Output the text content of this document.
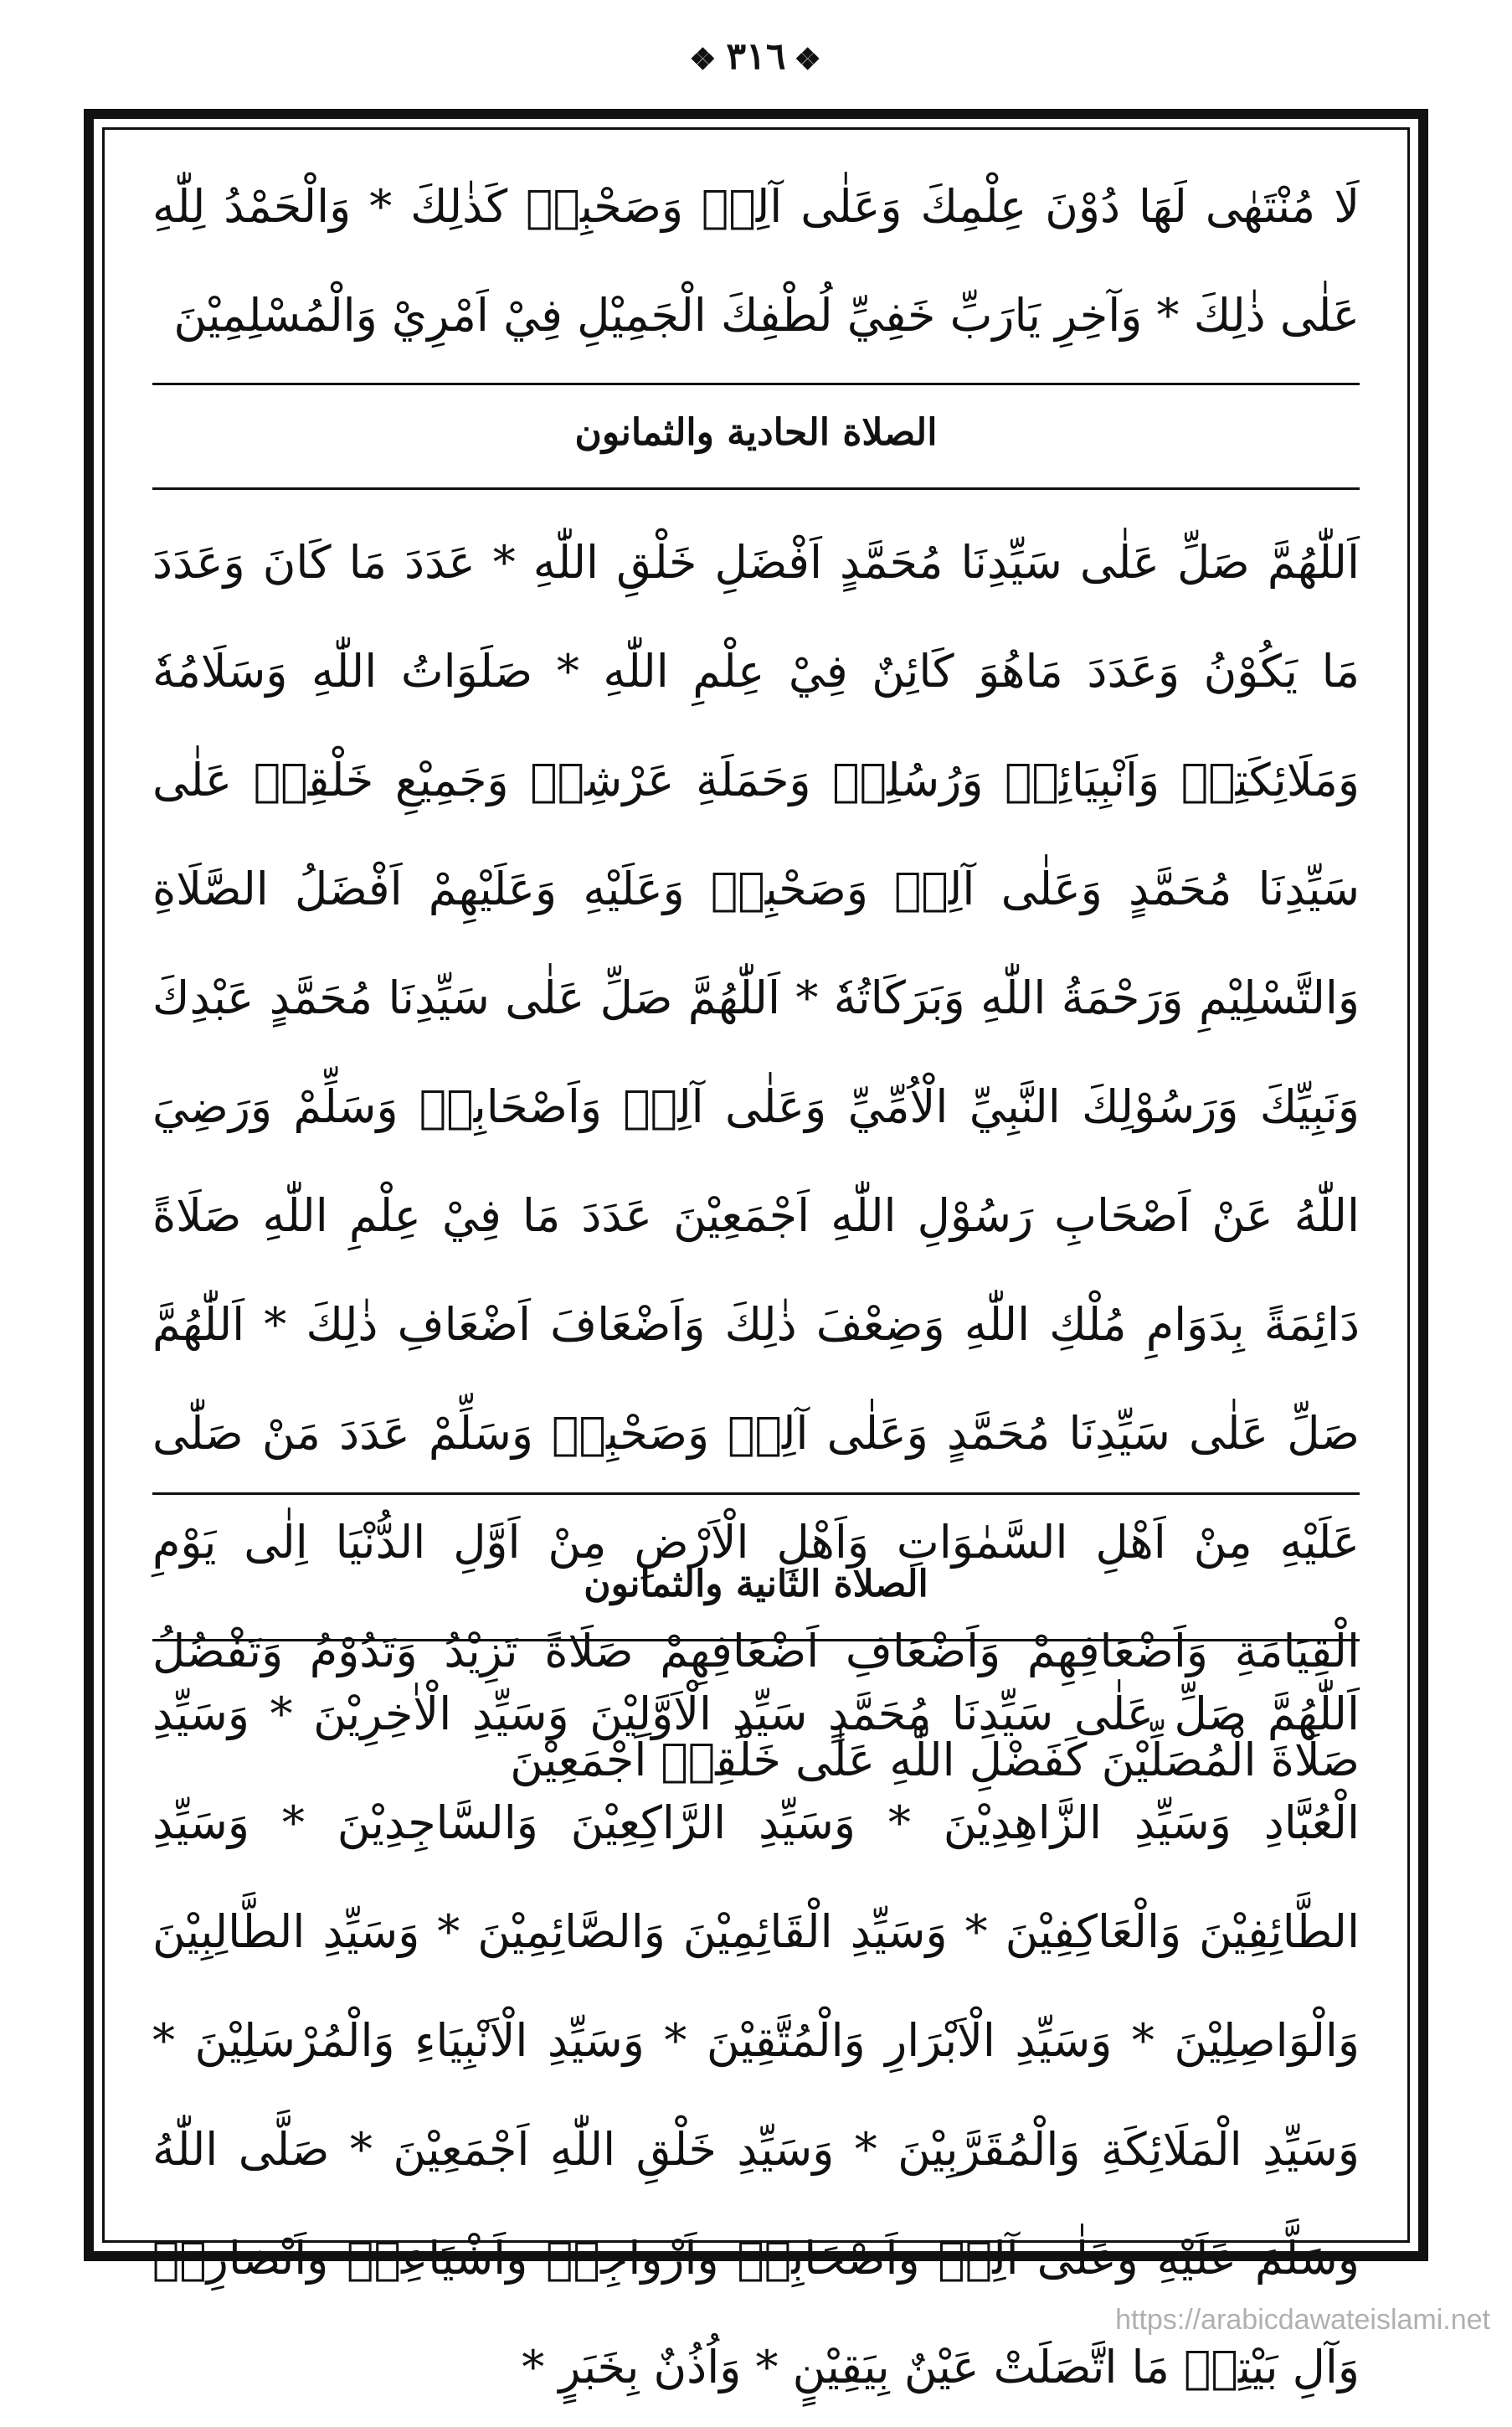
❖٣١٦❖

لَا مُنْتَهٰى لَهَا دُوْنَ عِلْمِكَ وَعَلٰى آلِهٖ وَصَحْبِهٖ كَذٰلِكَ * وَالْحَمْدُ لِلّٰهِ عَلٰى ذٰلِكَ * وَآخِرِ يَارَبِّ خَفِيِّ لُطْفِكَ الْجَمِيْلِ فِيْ اَمْرِيْ وَالْمُسْلِمِيْنَ

الصلاة الحادية والثمانون

اَللّٰهُمَّ صَلِّ عَلٰى سَيِّدِنَا مُحَمَّدٍ اَفْضَلِ خَلْقِ اللّٰهِ * عَدَدَ مَا كَانَ وَعَدَدَ مَا يَكُوْنُ وَعَدَدَ مَاهُوَ كَائِنٌ فِيْ عِلْمِ اللّٰهِ * صَلَوَاتُ اللّٰهِ وَسَلَامُهٗ وَمَلَائِكَتِهٖ وَاَنْبِيَائِهٖ وَرُسُلِهٖ وَحَمَلَةِ عَرْشِهٖ وَجَمِيْعِ خَلْقِهٖ عَلٰى سَيِّدِنَا مُحَمَّدٍ وَعَلٰى آلِهٖ وَصَحْبِهٖ وَعَلَيْهِ وَعَلَيْهِمْ اَفْضَلُ الصَّلَاةِ وَالتَّسْلِيْمِ وَرَحْمَةُ اللّٰهِ وَبَرَكَاتُهٗ * اَللّٰهُمَّ صَلِّ عَلٰى سَيِّدِنَا مُحَمَّدٍ عَبْدِكَ وَنَبِيِّكَ وَرَسُوْلِكَ النَّبِيِّ الْاُمِّيِّ وَعَلٰى آلِهٖ وَاَصْحَابِهٖ وَسَلِّمْ وَرَضِيَ اللّٰهُ عَنْ اَصْحَابِ رَسُوْلِ اللّٰهِ اَجْمَعِيْنَ عَدَدَ مَا فِيْ عِلْمِ اللّٰهِ صَلَاةً دَائِمَةً بِدَوَامِ مُلْكِ اللّٰهِ وَضِعْفَ ذٰلِكَ وَاَضْعَافَ اَضْعَافِ ذٰلِكَ * اَللّٰهُمَّ صَلِّ عَلٰى سَيِّدِنَا مُحَمَّدٍ وَعَلٰى آلِهٖ وَصَحْبِهٖ وَسَلِّمْ عَدَدَ مَنْ صَلّٰى عَلَيْهِ مِنْ اَهْلِ السَّمٰوَاتِ وَاَهْلِ الْاَرْضِ مِنْ اَوَّلِ الدُّنْيَا اِلٰى يَوْمِ الْقِيَامَةِ وَاَضْعَافِهِمْ وَاَضْعَافِ اَضْعَافِهِمْ صَلَاةً تَزِيْدُ وَتَدُوْمُ وَتَفْضُلُ صَلَاةَ الْمُصَلِّيْنَ كَفَضْلِ اللّٰهِ عَلٰى خَلْقِهٖ اَجْمَعِيْنَ

الصلاة الثانية والثمانون

اَللّٰهُمَّ صَلِّ عَلٰى سَيِّدِنَا مُحَمَّدٍ سَيِّدِ الْاَوَّلِيْنَ وَسَيِّدِ الْاٰخِرِيْنَ * وَسَيِّدِ الْعُبَّادِ وَسَيِّدِ الزَّاهِدِيْنَ * وَسَيِّدِ الرَّاكِعِيْنَ وَالسَّاجِدِيْنَ * وَسَيِّدِ الطَّائِفِيْنَ وَالْعَاكِفِيْنَ * وَسَيِّدِ الْقَائِمِيْنَ وَالصَّائِمِيْنَ * وَسَيِّدِ الطَّالِبِيْنَ وَالْوَاصِلِيْنَ * وَسَيِّدِ الْاَبْرَارِ وَالْمُتَّقِيْنَ * وَسَيِّدِ الْاَنْبِيَاءِ وَالْمُرْسَلِيْنَ * وَسَيِّدِ الْمَلَائِكَةِ وَالْمُقَرَّبِيْنَ * وَسَيِّدِ خَلْقِ اللّٰهِ اَجْمَعِيْنَ * صَلَّى اللّٰهُ وَسَلَّمَ عَلَيْهِ وَعَلٰى آلِهٖ وَاَصْحَابِهٖ وَاَزْوَاجِهٖ وَاَشْيَاعِهٖ وَاَنْصَارِهٖ وَآلِ بَيْتِهٖ مَا اتَّصَلَتْ عَيْنٌ بِيَقِيْنٍ * وَاُذُنٌ بِخَبَرٍ *

https://arabicdawateislami.net
